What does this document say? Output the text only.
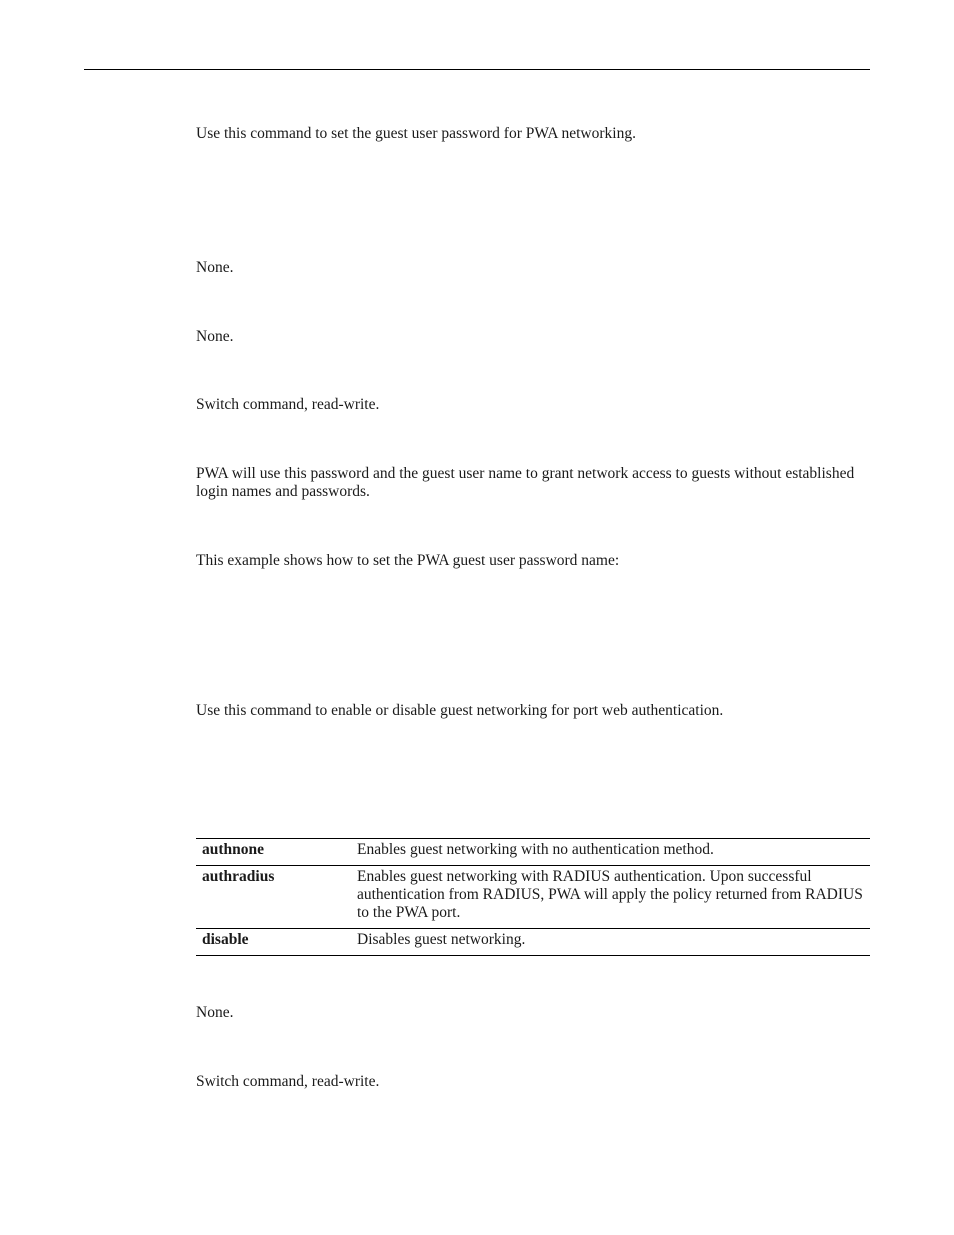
Use this command to set the guest user password for PWA networking.

None.

None.

Switch command, read-write.

PWA will use this password and the guest user name to grant network access to guests without established login names and passwords.

This example shows how to set the PWA guest user password name:

Use this command to enable or disable guest networking for port web authentication.

authnone	Enables guest networking with no authentication method.
authradius	Enables guest networking with RADIUS authentication. Upon successful authentication from RADIUS, PWA will apply the policy returned from RADIUS to the PWA port.
disable	Disables guest networking.

None.

Switch command, read-write.
